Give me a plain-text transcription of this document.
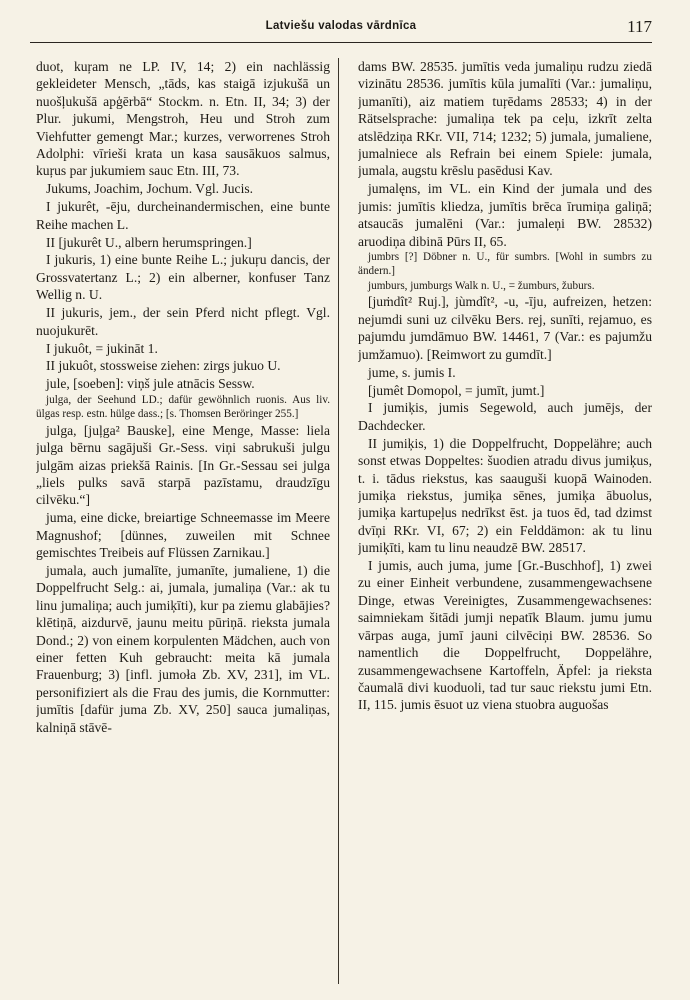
Latviešu valodas vārdnīca	117

duot, kuŗam ne LP. IV, 14; 2) ein nachlässig gekleideter Mensch, „tāds, kas staigā izjukušā un nuošļukušā apģērbā“ Stockm. n. Etn. II, 34; 3) der Plur. jukumi, Mengstroh, Heu und Stroh zum Viehfutter gemengt Mar.; kurzes, verworrenes Stroh Adolphi: vīrieši krata un kasa sausākuos salmus, kuŗus par jukumiem sauc Etn. III, 73.

Jukums, Joachim, Jochum. Vgl. Jucis.

I jukurêt, -ēju, durcheinandermischen, eine bunte Reihe machen L.

II [jukurêt U., albern herumspringen.]

I jukuris, 1) eine bunte Reihe L.; jukuŗu dancis, der Grossvatertanz L.; 2) ein alberner, konfuser Tanz Wellig n. U.

II jukuris, jem., der sein Pferd nicht pflegt. Vgl. nuojukurēt.

I jukuôt, = jukināt 1.

II jukuôt, stossweise ziehen: zirgs jukuo U.

jule, [soeben]: viņš jule atnācis Sessw.

julga, der Seehund LD.; dafür gewöhnlich ruonis. Aus liv. ülgas resp. estn. hülge dass.; [s. Thomsen Beröringer 255.]

julga, [juļga² Bauske], eine Menge, Masse: liela julga bērnu sagājuši Gr.-Sess. viņi sabrukuši julgu julgām aizas priekšā Rainis. [In Gr.-Sessau sei julga „liels pulks savā starpā pazīstamu, draudzīgu cilvēku.“]

juma, eine dicke, breiartige Schneemasse im Meere Magnushof; [dünnes, zuweilen mit Schnee gemischtes Treibeis auf Flüssen Zarnikau.]

jumala, auch jumalīte, jumanīte, jumaliene, 1) die Doppelfrucht Selg.: ai, jumala, jumaliņa (Var.: ak tu linu jumaliņa; auch jumiķīti), kur pa ziemu glabājies? klētiņā, aizdurvē, jaunu meitu pūriņā. rieksta jumala Dond.; 2) von einem korpulenten Mädchen, auch von einer fetten Kuh gebraucht: meita kā jumala Frauenburg; 3) [infl. jumoła Zb. XV, 231], im VL. personifiziert als die Frau des jumis, die Kornmutter: jumītis [dafür juma Zb. XV, 250] sauca jumaliņas, kalniņā stāvē-

dams BW. 28535. jumītis veda jumaliņu rudzu ziedā vizinātu 28536. jumītis kūla jumalīti (Var.: jumaliņu, jumanīti), aiz matiem tuŗēdams 28533; 4) in der Rätselsprache: jumaliņa tek pa ceļu, izkrīt zelta atslēdziņa RKr. VII, 714; 1232; 5) jumala, jumaliene, jumalniece als Refrain bei einem Spiele: jumala, jumala, augstu krēslu pasēdusi Kav.

jumalęns, im VL. ein Kind der jumala und des jumis: jumītis kliedza, jumītis brēca īrumiņa galiņā; atsaucās jumalēni (Var.: jumaleņi BW. 28532) aruodiņa dibinā Pūrs II, 65.

jumbrs [?] Döbner n. U., für sumbrs. [Wohl in sumbrs zu ändern.]

jumburs, jumburgs Walk n. U., = žumburs, žuburs.

[juṁdît² Ruj.], jùmdît², -u, -īju, aufreizen, hetzen: nejumdi suni uz cilvēku Bers. rej, sunīti, rejamuo, es pajumdu jumdāmuo BW. 14461, 7 (Var.: es pajumžu jumžamuo). [Reimwort zu gumdīt.]

jume, s. jumis I.

[jumêt Domopol, = jumīt, jumt.]

I jumiķis, jumis Segewold, auch jumējs, der Dachdecker.

II jumiķis, 1) die Doppelfrucht, Doppelähre; auch sonst etwas Doppeltes: šuodien atradu divus jumiķus, t. i. tādus riekstus, kas saauguši kuopā Wainoden. jumiķa riekstus, jumiķa sēnes, jumiķa ābuolus, jumiķa kartupeļus nedrīkst ēst. ja tuos ēd, tad dzimst dvīņi RKr. VI, 67; 2) ein Felddämon: ak tu linu jumiķīti, kam tu linu neaudzē BW. 28517.

I jumis, auch juma, jume [Gr.-Buschhof], 1) zwei zu einer Einheit verbundene, zusammengewachsene Dinge, etwas Vereinigtes, Zusammengewachsenes: saimniekam šitādi jumji nepatīk Blaum. jumu jumu vārpas auga, jumī jauni cilvēciņi BW. 28536. So namentlich die Doppelfrucht, Doppelähre, zusammengewachsene Kartoffeln, Äpfel: ja rieksta čaumalā divi kuoduoli, tad tur sauc riekstu jumi Etn. II, 115. jumis ēsuot uz viena stuobra auguošas
